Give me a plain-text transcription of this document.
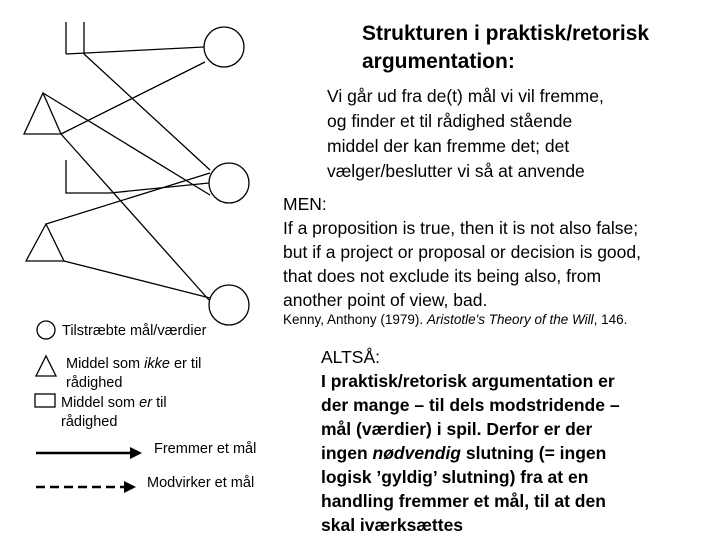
Strukturen i praktisk/retorisk
argumentation:
Vi går ud fra de(t) mål vi vil fremme,
og finder et til rådighed stående
middel der kan fremme det; det
vælger/beslutter vi så at anvende
MEN:
If a proposition is true, then it is not also false;
but if a project or proposal or decision is good,
that does not exclude its being also, from
another point of view, bad.
Kenny, Anthony (1979). Aristotle's Theory of the Will, 146.
ALTSÅ:
I praktisk/retorisk argumentation er
der mange – til dels modstridende –
mål (værdier) i spil. Derfor er der
ingen nødvendig slutning (= ingen
logisk ’gyldig’ slutning) fra at en
handling fremmer et mål, til at den
skal iværksættes
Tilstræbte mål/værdier
Middel som ikke er til
rådighed
Middel som er til
rådighed
Fremmer et mål
Modvirker et mål
